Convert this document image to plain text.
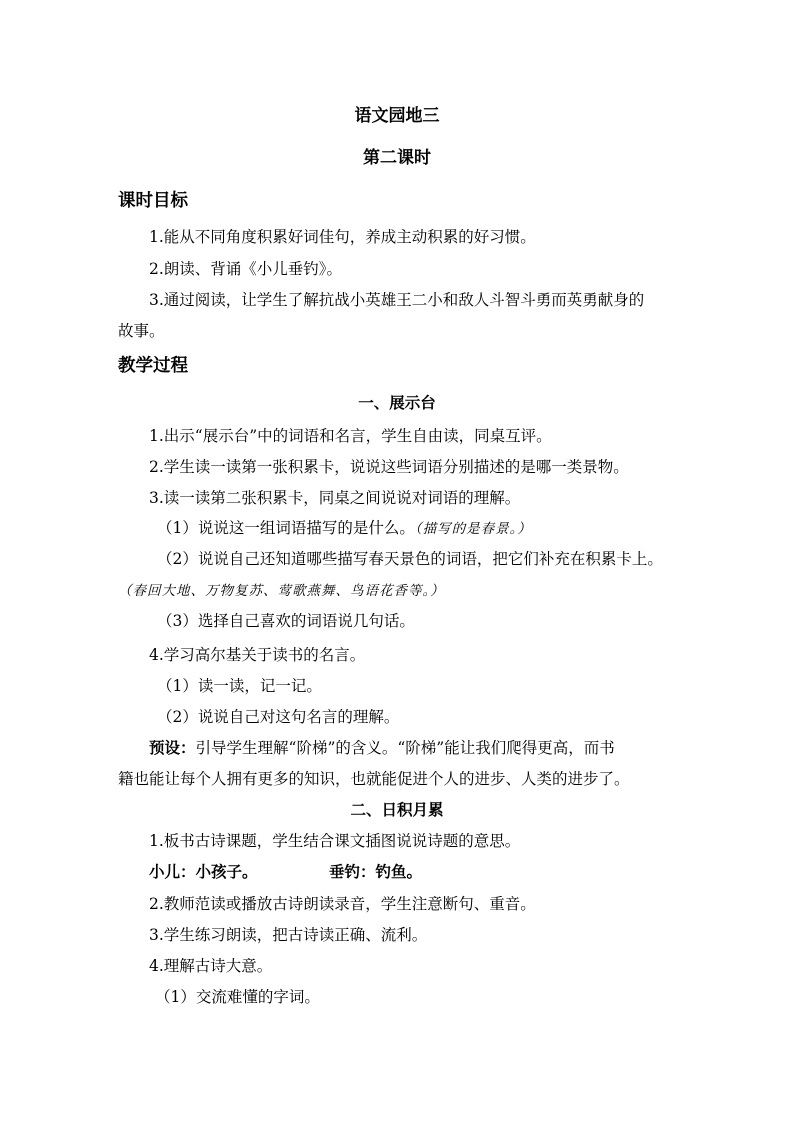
语文园地三
第二课时
课时目标
1.能从不同角度积累好词佳句，养成主动积累的好习惯。
2.朗读、背诵《小儿垂钓》。
3.通过阅读，让学生了解抗战小英雄王二小和敌人斗智斗勇而英勇献身的
故事。
教学过程
一、展示台
1.出示“展示台”中的词语和名言，学生自由读，同桌互评。
2.学生读一读第一张积累卡，说说这些词语分别描述的是哪一类景物。
3.读一读第二张积累卡，同桌之间说说对词语的理解。
（1）说说这一组词语描写的是什么。（描写的是春景。）
（2）说说自己还知道哪些描写春天景色的词语，把它们补充在积累卡上。
（春回大地、万物复苏、莺歌燕舞、鸟语花香等。）
（3）选择自己喜欢的词语说几句话。
4.学习高尔基关于读书的名言。
（1）读一读，记一记。
（2）说说自己对这句名言的理解。
预设：引导学生理解“阶梯”的含义。“阶梯”能让我们爬得更高，而书
籍也能让每个人拥有更多的知识，也就能促进个人的进步、人类的进步了。
二、日积月累
1.板书古诗课题，学生结合课文插图说说诗题的意思。
小儿：小孩子。	垂钓：钓鱼。
2.教师范读或播放古诗朗读录音，学生注意断句、重音。
3.学生练习朗读，把古诗读正确、流利。
4.理解古诗大意。
（1）交流难懂的字词。
